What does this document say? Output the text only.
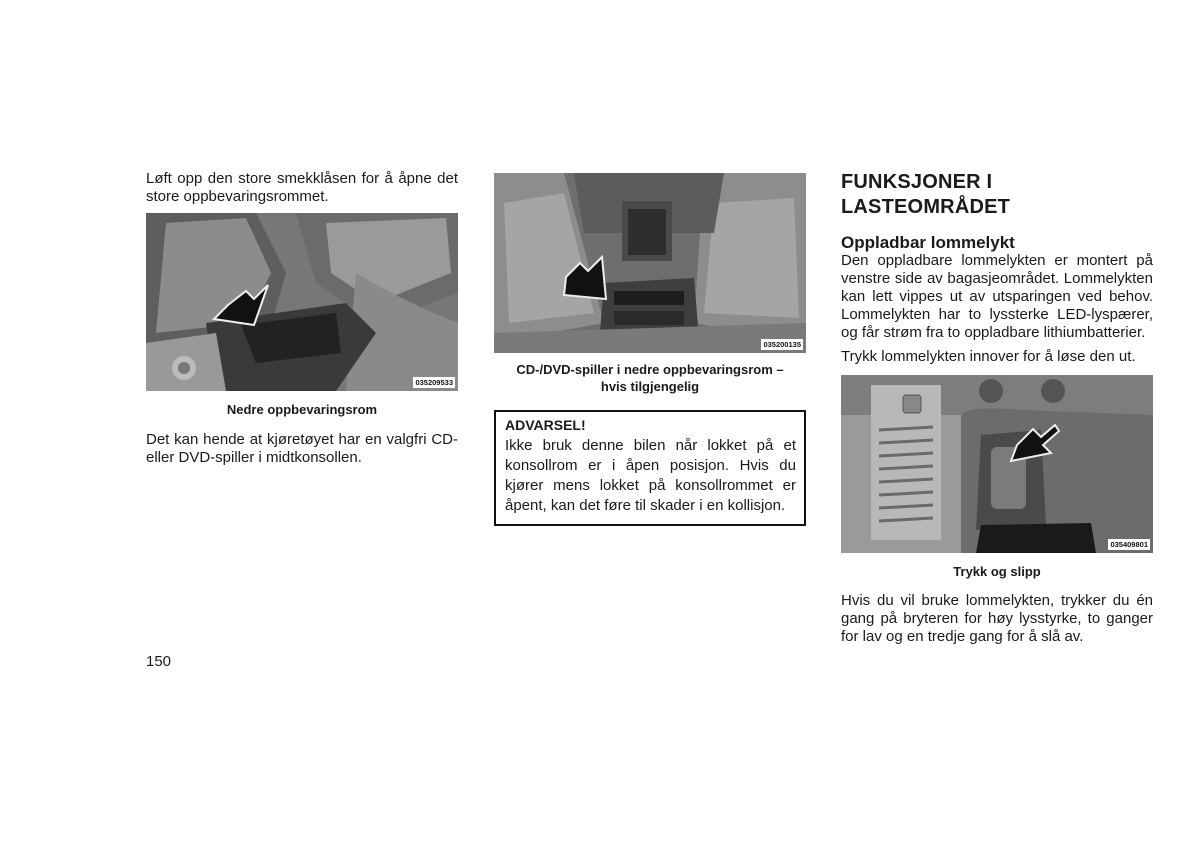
Løft opp den store smekklåsen for å åpne det store oppbevaringsrommet.

035209533

Nedre oppbevaringsrom

Det kan hende at kjøretøyet har en valgfri CD- eller DVD-spiller i midtkonsollen.

035200135

CD-/DVD-spiller i nedre oppbevaringsrom –
hvis tilgjengelig

ADVARSEL!

Ikke bruk denne bilen når lokket på et konsollrom er i åpen posisjon. Hvis du kjører mens lokket på konsollrommet er åpent, kan det føre til skader i en kollisjon.

FUNKSJONER I
LASTEOMRÅDET
Oppladbar lommelykt

Den oppladbare lommelykten er montert på venstre side av bagasjeområdet. Lommelykten kan lett vippes ut av utsparingen ved behov. Lommelykten har to lyssterke LED-lyspærer, og får strøm fra to oppladbare lithiumbatterier.

Trykk lommelykten innover for å løse den ut.

035409801

Trykk og slipp

Hvis du vil bruke lommelykten, trykker du én gang på bryteren for høy lysstyrke, to ganger for lav og en tredje gang for å slå av.

150
